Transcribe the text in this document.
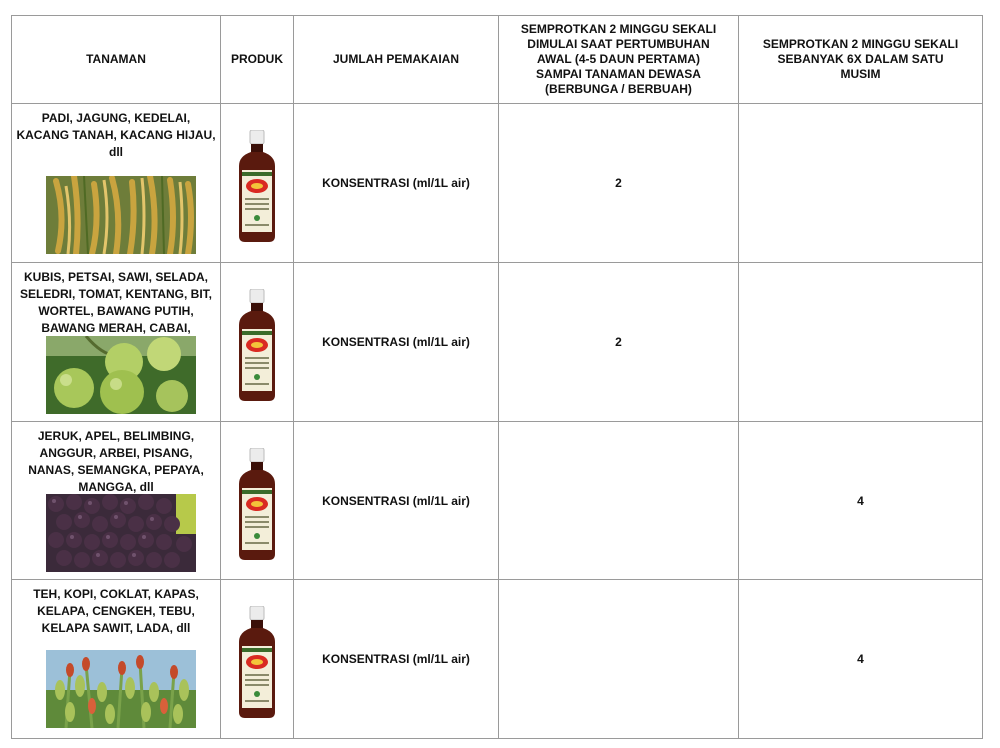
TANAMAN	PRODUK	JUMLAH PEMAKAIAN	SEMPROTKAN 2 MINGGU SEKALI DIMULAI SAAT PERTUMBUHAN AWAL (4-5 DAUN PERTAMA) SAMPAI TANAMAN DEWASA (BERBUNGA / BERBUAH)	SEMPROTKAN 2 MINGGU SEKALI SEBANYAK 6X DALAM SATU MUSIM

PADI, JAGUNG, KEDELAI, KACANG TANAH, KACANG HIJAU, dll		KONSENTRASI (ml/1L air)	2	

KUBIS, PETSAI, SAWI, SELADA, SELEDRI, TOMAT, KENTANG, BIT, WORTEL, BAWANG PUTIH, BAWANG MERAH, CABAI,		KONSENTRASI (ml/1L air)	2	

JERUK, APEL, BELIMBING, ANGGUR, ARBEI, PISANG, NANAS, SEMANGKA, PEPAYA, MANGGA, dll		KONSENTRASI (ml/1L air)		4

TEH, KOPI, COKLAT, KAPAS, KELAPA, CENGKEH, TEBU, KELAPA SAWIT, LADA, dll		KONSENTRASI (ml/1L air)		4
